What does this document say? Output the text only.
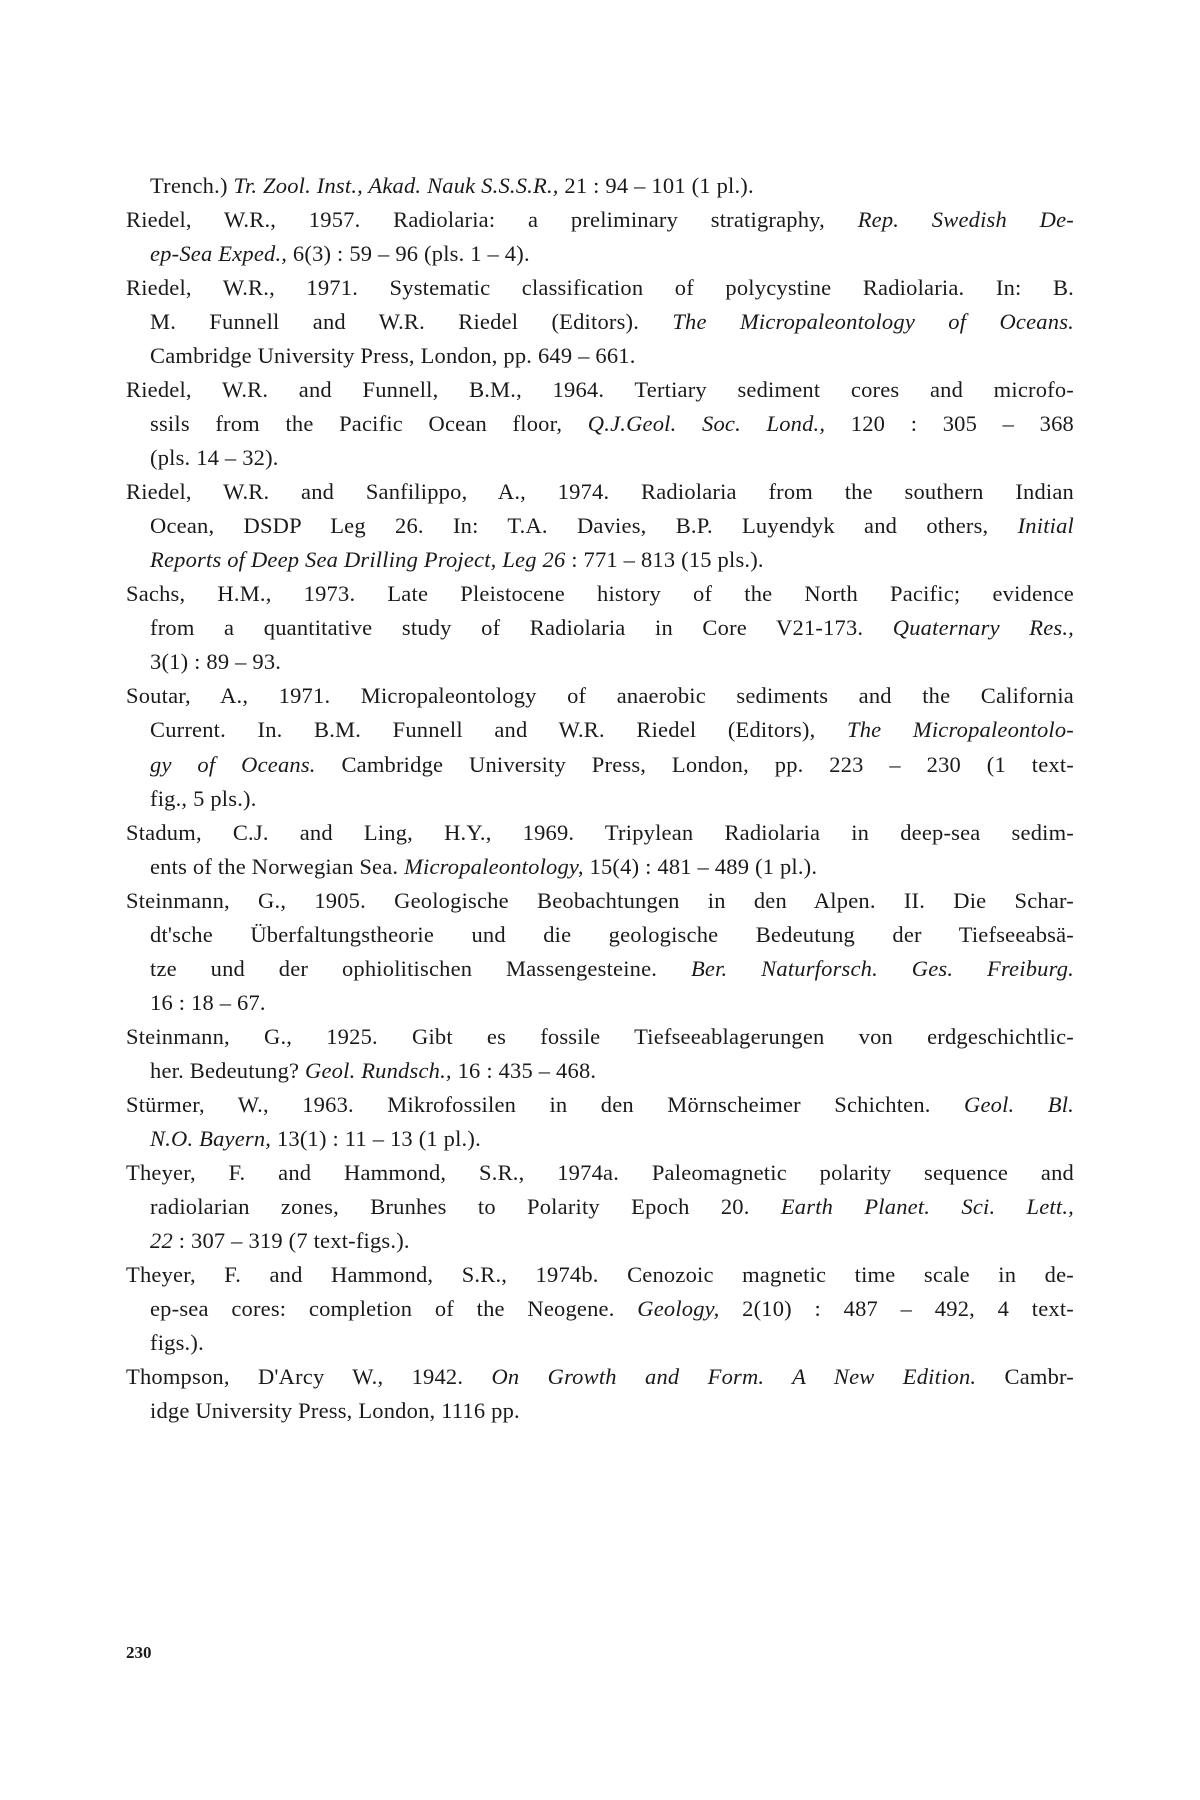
Trench.) Tr. Zool. Inst., Akad. Nauk S.S.S.R., 21 : 94 – 101 (1 pl.).
Riedel, W.R., 1957. Radiolaria: a preliminary stratigraphy, Rep. Swedish De-
ep-Sea Exped., 6(3) : 59 – 96 (pls. 1 – 4).
Riedel, W.R., 1971. Systematic classification of polycystine Radiolaria. In: B.
M. Funnell and W.R. Riedel (Editors). The Micropaleontology of Oceans.
Cambridge University Press, London, pp. 649 – 661.
Riedel, W.R. and Funnell, B.M., 1964. Tertiary sediment cores and microfo-
ssils from the Pacific Ocean floor, Q.J.Geol. Soc. Lond., 120 : 305 – 368
(pls. 14 – 32).
Riedel, W.R. and Sanfilippo, A., 1974. Radiolaria from the southern Indian
Ocean, DSDP Leg 26. In: T.A. Davies, B.P. Luyendyk and others, Initial
Reports of Deep Sea Drilling Project, Leg 26 : 771 – 813 (15 pls.).
Sachs, H.M., 1973. Late Pleistocene history of the North Pacific; evidence
from a quantitative study of Radiolaria in Core V21-173. Quaternary Res.,
3(1) : 89 – 93.
Soutar, A., 1971. Micropaleontology of anaerobic sediments and the California
Current. In. B.M. Funnell and W.R. Riedel (Editors), The Micropaleontolo-
gy of Oceans. Cambridge University Press, London, pp. 223 – 230 (1 text-
fig., 5 pls.).
Stadum, C.J. and Ling, H.Y., 1969. Tripylean Radiolaria in deep-sea sedim-
ents of the Norwegian Sea. Micropaleontology, 15(4) : 481 – 489 (1 pl.).
Steinmann, G., 1905. Geologische Beobachtungen in den Alpen. II. Die Schar-
dt'sche Überfaltungstheorie und die geologische Bedeutung der Tiefseeabsä-
tze und der ophiolitischen Massengesteine. Ber. Naturforsch. Ges. Freiburg.
16 : 18 – 67.
Steinmann, G., 1925. Gibt es fossile Tiefseeablagerungen von erdgeschichtlic-
her. Bedeutung? Geol. Rundsch., 16 : 435 – 468.
Stürmer, W., 1963. Mikrofossilen in den Mörnscheimer Schichten. Geol. Bl.
N.O. Bayern, 13(1) : 11 – 13 (1 pl.).
Theyer, F. and Hammond, S.R., 1974a. Paleomagnetic polarity sequence and
radiolarian zones, Brunhes to Polarity Epoch 20. Earth Planet. Sci. Lett.,
22 : 307 – 319 (7 text-figs.).
Theyer, F. and Hammond, S.R., 1974b. Cenozoic magnetic time scale in de-
ep-sea cores: completion of the Neogene. Geology, 2(10) : 487 – 492, 4 text-
figs.).
Thompson, D'Arcy W., 1942. On Growth and Form. A New Edition. Cambr-
idge University Press, London, 1116 pp.
230
